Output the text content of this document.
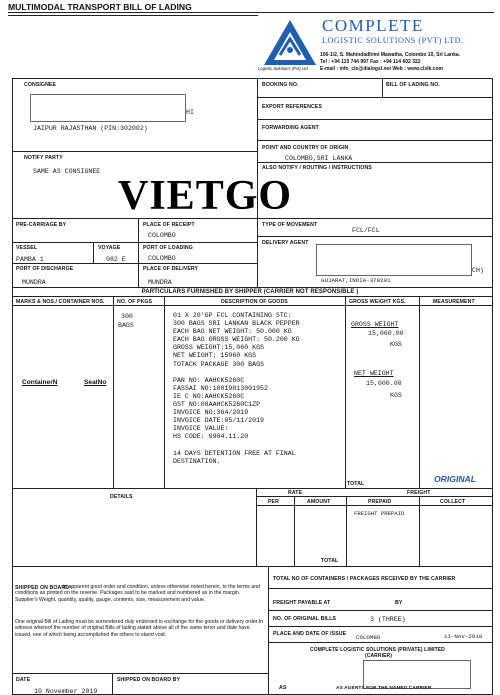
MULTIMODAL TRANSPORT BILL OF LADING
Logistic Solutions (Pvt) Ltd.
COMPLETE
LOGISTIC SOLUTIONS (PVT) LTD.
106-1/2, S. Mahindadhimi Mawatha, Colombo 10, Sri Lanka.
Tel : +94 115 744 997 Fax : +94 114 602 322
E-mail : info_cls@dialogsl.net Web : www.clslk.com
CONSIGNEE
HI
JAIPUR RAJASTHAN (PIN:302002)
BOOKING NO.	BILL OF LADING NO.
EXPORT REFERENCES
FORWARDING AGENT
POINT AND COUNTRY OF ORIGIN
COLOMBO,SRI LANKA
ALSO NOTIFY / ROUTING / INSTRUCTIONS
NOTIFY PARTY
SAME AS CONSIGNEE
VIETGO
PRE-CARRIAGE BY	PLACE OF RECEIPT
COLOMBO
TYPE OF MOVEMENT
FCL/FCL
DELIVERY AGENT
CH)
GUJARAT,INDIA-370201
VESSEL	VOYAGE
PAMBA 1	082 E
PORT OF LOADING
COLOMBO
PORT OF DISCHARGE
MUNDRA
PLACE OF DELIVERY
MUNDRA
PARTICULARS FURNISHED BY SHIPPER (CARRIER NOT RESPONSIBLE )
MARKS & NOS./ CONTAINER NOS. NO. OF PKGS	DESCRIPTION OF GOODS	GROSS WEIGHT KGS.	MEASUREMENT
300
BAGS
ContainerN	SealNo
01 X 20'GP FCL CONTAINING STC:
300 BAGS SRI LANKAN BLACK PEPPER
EACH BAG NET WEIGHT: 50.000 KG
EACH BAG GROSS WEIGHT: 50.200 KG
GROSS WEIGHT:15,060 KGS
NET WEIGHT: 15060 KGS
TOTACK PACKAGE 300 BAGS
PAN NO: AAHCK5260C
FASSAI NO:10019013001952
IE C NO:AAHCK5260C
GST NO:08AAHCK5260C1ZP
INVOICE NO:364/2019
INVOICE DATE:05/11/2019
INVOICE VALUE:
HS CODE: 0904.11.20
14 DAYS DETENTION FREE AT FINAL
DESTINATION.
GROSS WEIGHT
15,060.00
KGS
NET WEIGHT
15,000.00
KGS
TOTAL	ORIGINAL
DETAILS
RATE	FREIGHT
PER	AMOUNT	PREPAID	COLLECT
FREIGHT PREPAID
TOTAL
SHIPPED ON BOARD :
in apparent good order and condition, unless otherwise noted herein, to the terms and conditions as printed on the reverse. Packages said to be marked and numbered as in the margin. Supplier's Weight, quantity, quality, gauge, contents, size, measurement and value.
One original Bill of Lading must be surrendered duly endorsed in exchange for the goods or delivery order.In witness whereof the number of original Bills of lading stated above all of the same tenor and date have issued, one of which being accomplished the others to stand void.
DATE
10 November 2019
SHIPPED ON BOARD BY
TOTAL NO OF CONTAINERS / PACKAGES RECEIVED BY THE CARRIER
FREIGHT PAYABLE AT	BY
NO. OF ORIGINAL BILLS	3 (THREE)
PLACE AND DATE OF ISSUE COLOMBO	11-Nov-2019
COMPLETE LOGISTIC SOLUTIONS (PRIVATE) LIMITED
(CARRIER)
AS	AS AGENTS FOR THE NAMED CARRIER
